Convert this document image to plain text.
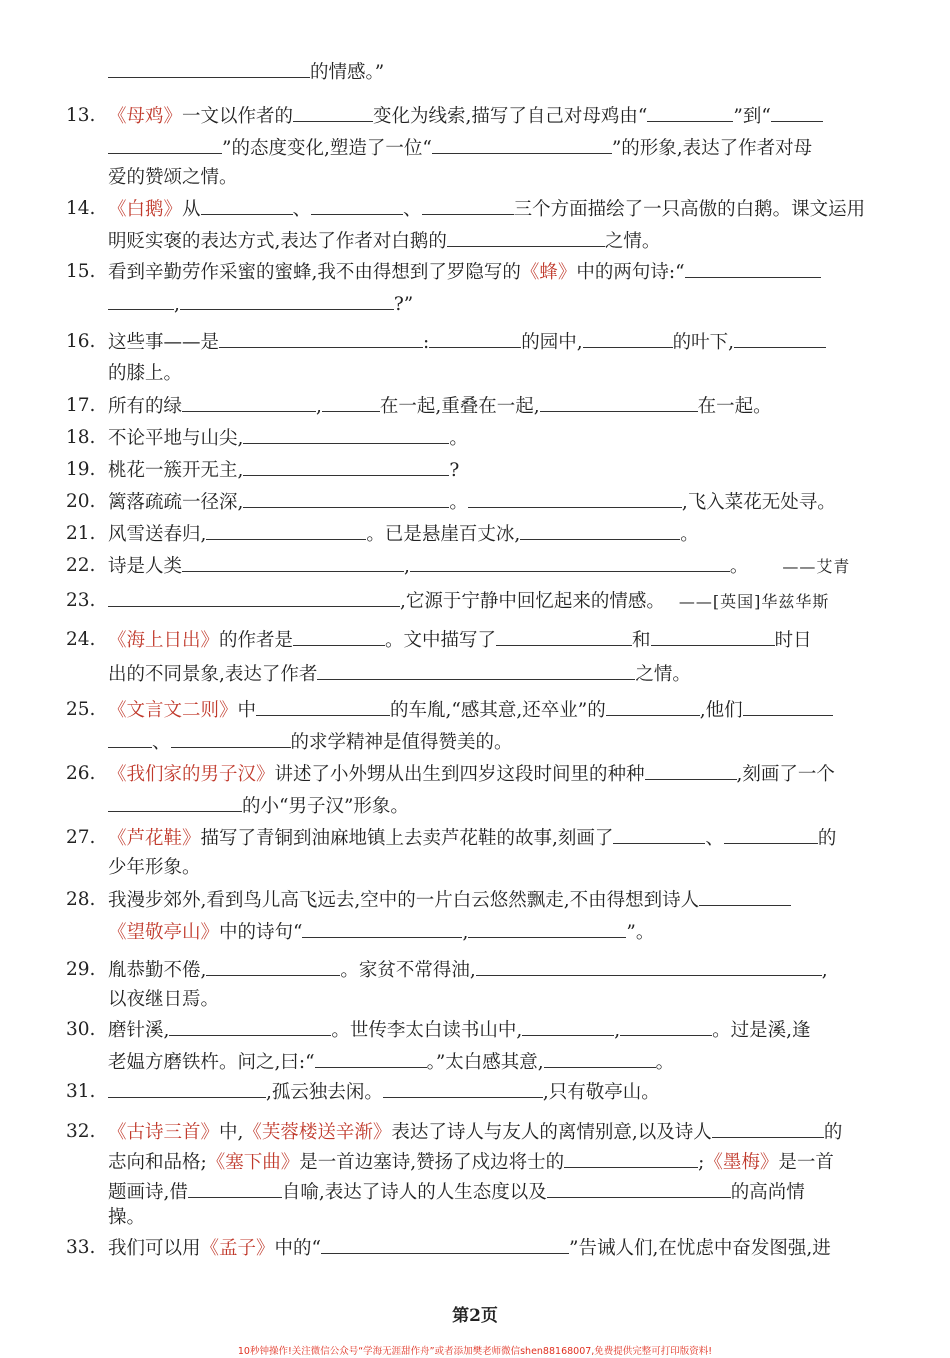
的情感。”
13. 《母鸡》一文以作者的	变化为线索,描写了自己对母鸡由“	”到“
”的态度变化,塑造了一位“	”的形象,表达了作者对母
爱的赞颂之情。
14. 《白鹅》从	、	、	三个方面描绘了一只高傲的白鹅。课文运用
明贬实褒的表达方式,表达了作者对白鹅的	之情。
15. 看到辛勤劳作采蜜的蜜蜂,我不由得想到了罗隐写的《蜂》中的两句诗:“
,	?”
16. 这些事——是	:	的园中,	的叶下,
的膝上。
17. 所有的绿	,	在一起,重叠在一起,	在一起。
18. 不论平地与山尖,	。
19. 桃花一簇开无主,	?
20. 篱落疏疏一径深,	。	,飞入菜花无处寻。
21. 风雪送春归,	。已是悬崖百丈冰,	。
22. 诗是人类	,	。 ——艾青
23.	,它源于宁静中回忆起来的情感。 ——[英国]华兹华斯
24. 《海上日出》的作者是	。文中描写了	和	时日
出的不同景象,表达了作者	之情。
25. 《文言文二则》中	的车胤,“感其意,还卒业”的	,他们
、	的求学精神是值得赞美的。
26. 《我们家的男子汉》讲述了小外甥从出生到四岁这段时间里的种种	,刻画了一个
的小“男子汉”形象。
27. 《芦花鞋》描写了青铜到油麻地镇上去卖芦花鞋的故事,刻画了	、	的
少年形象。
28. 我漫步郊外,看到鸟儿高飞远去,空中的一片白云悠然飘走,不由得想到诗人
《望敬亭山》中的诗句“	,	”。
29. 胤恭勤不倦,	。家贫不常得油,	,
以夜继日焉。
30. 磨针溪,	。世传李太白读书山中,	,	。过是溪,逢
老媪方磨铁杵。问之,曰:“	。”太白感其意,	。
31.	,孤云独去闲。	,只有敬亭山。
32. 《古诗三首》中,《芙蓉楼送辛渐》表达了诗人与友人的离情别意,以及诗人	的
志向和品格;《塞下曲》是一首边塞诗,赞扬了戍边将士的	;《墨梅》是一首
题画诗,借	自喻,表达了诗人的人生态度以及	的高尚情
操。
33. 我们可以用《孟子》中的“	”告诫人们,在忧虑中奋发图强,进
第2页
10秒钟操作!关注微信公众号“学海无涯甜作舟”或者添加樊老师微信shen88168007,免费提供完整可打印版资料!
